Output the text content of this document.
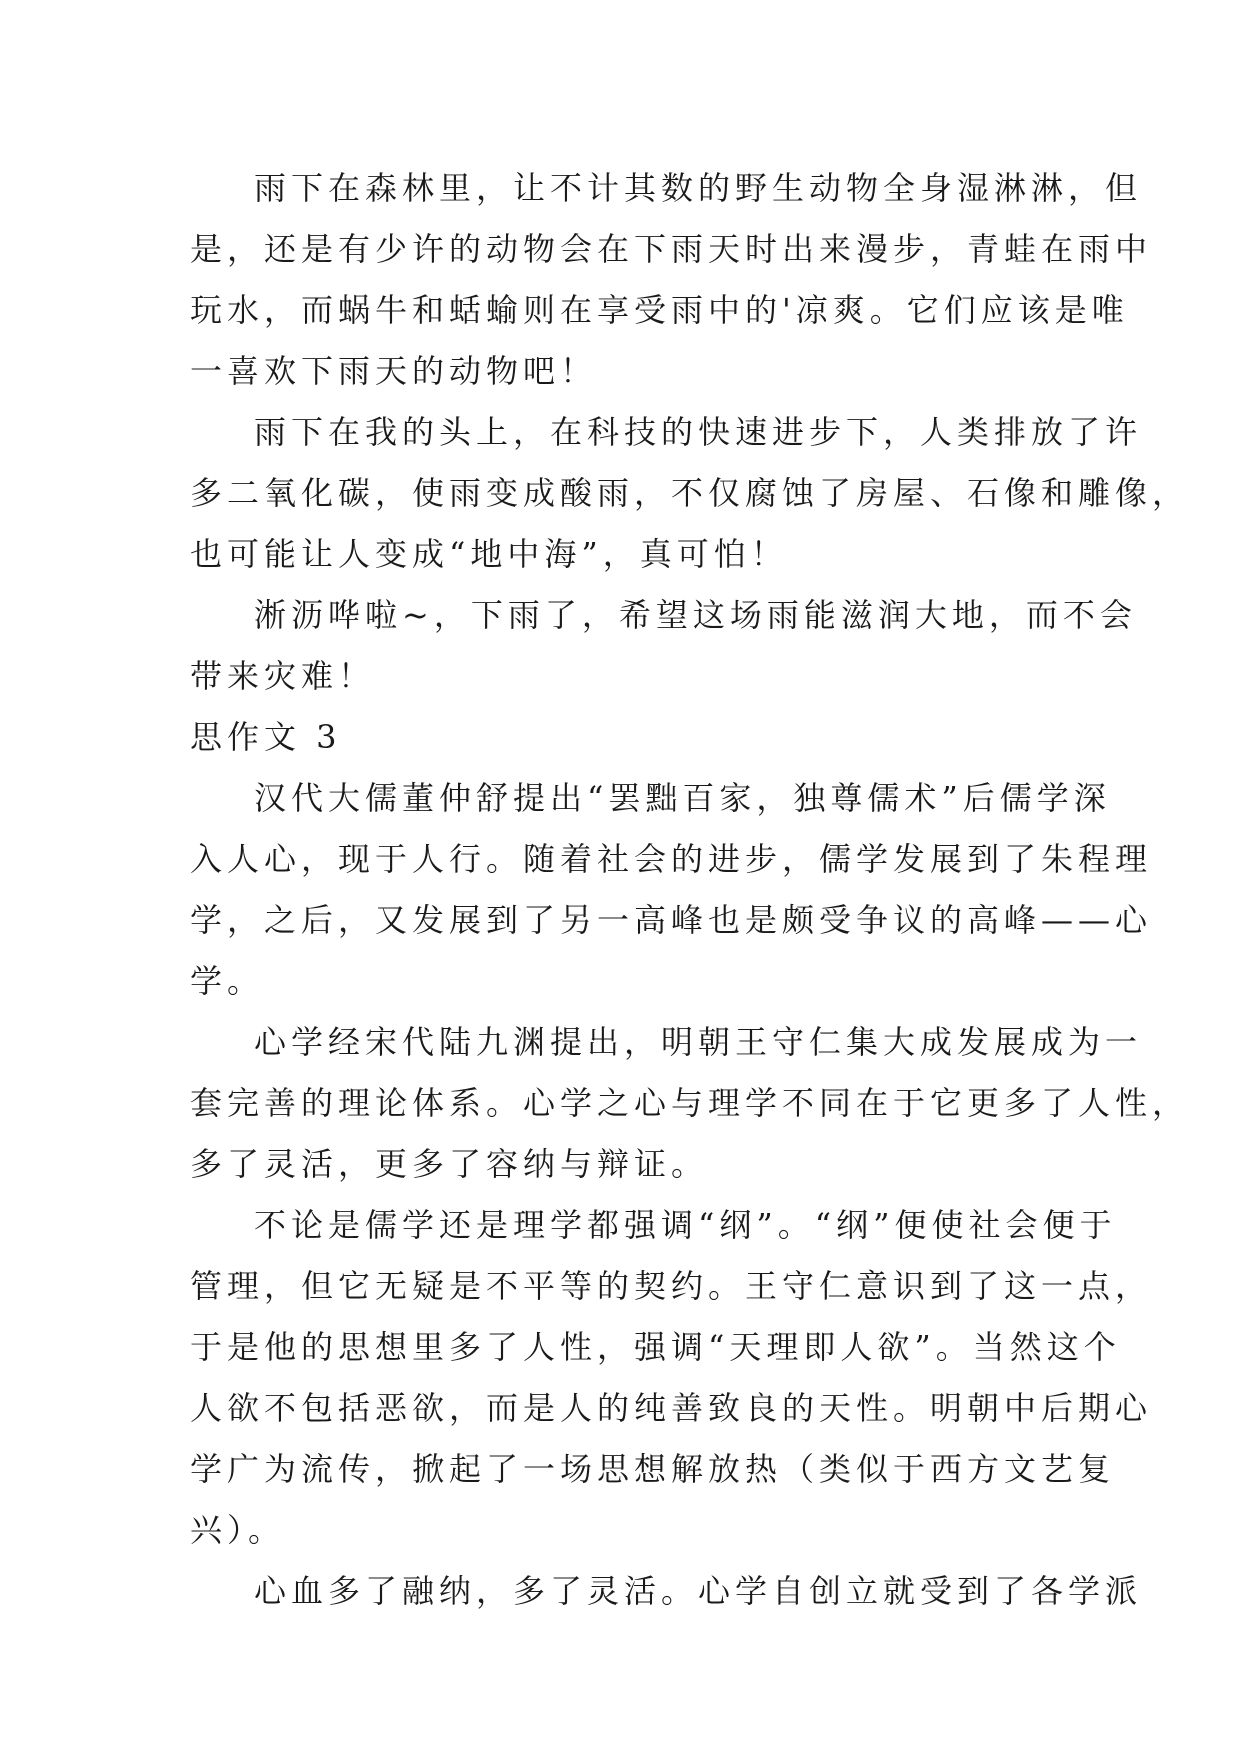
雨下在森林里，让不计其数的野生动物全身湿淋淋，但
是，还是有少许的动物会在下雨天时出来漫步，青蛙在雨中
玩水，而蜗牛和蛞蝓则在享受雨中的'凉爽。它们应该是唯
一喜欢下雨天的动物吧！
雨下在我的头上，在科技的快速进步下，人类排放了许
多二氧化碳，使雨变成酸雨，不仅腐蚀了房屋、石像和雕像，
也可能让人变成“地中海”，真可怕！
淅沥哗啦~，下雨了，希望这场雨能滋润大地，而不会
带来灾难！
思作文 3
汉代大儒董仲舒提出“罢黜百家，独尊儒术”后儒学深
入人心，现于人行。随着社会的进步，儒学发展到了朱程理
学，之后，又发展到了另一高峰也是颇受争议的高峰——心
学。
心学经宋代陆九渊提出，明朝王守仁集大成发展成为一
套完善的理论体系。心学之心与理学不同在于它更多了人性，
多了灵活，更多了容纳与辩证。
不论是儒学还是理学都强调“纲”。“纲”便使社会便于
管理，但它无疑是不平等的契约。王守仁意识到了这一点，
于是他的思想里多了人性，强调“天理即人欲”。当然这个
人欲不包括恶欲，而是人的纯善致良的天性。明朝中后期心
学广为流传，掀起了一场思想解放热（类似于西方文艺复
兴）。
心血多了融纳，多了灵活。心学自创立就受到了各学派
